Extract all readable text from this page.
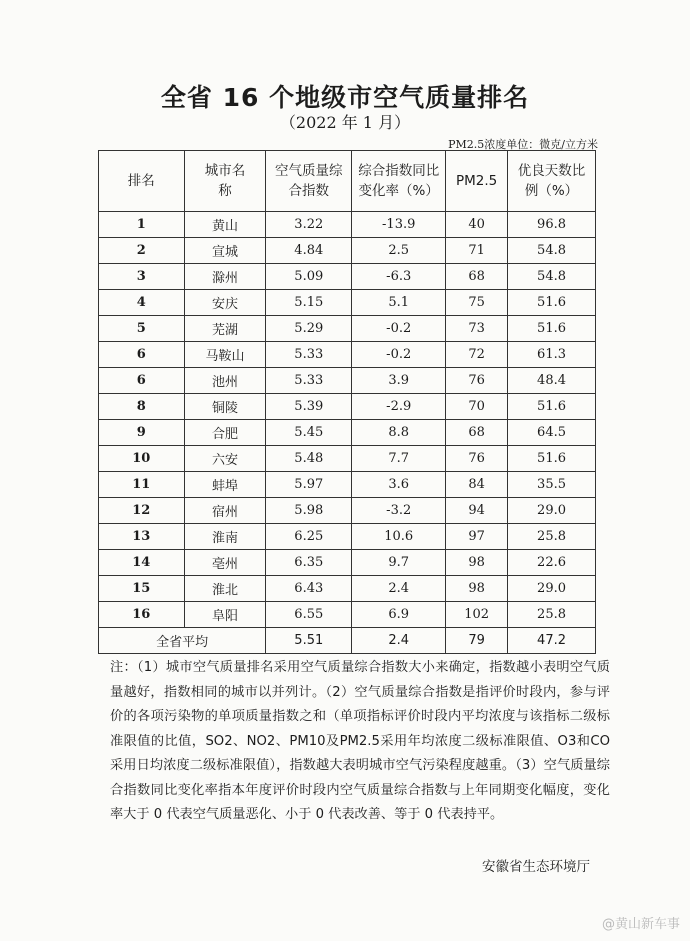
全省 16 个地级市空气质量排名
（2022 年 1 月）
PM2.5浓度单位：微克/立方米
排名	城市名称	空气质量综合指数	综合指数同比变化率（%）	PM2.5	优良天数比例（%）

1	黄山	3.22	-13.9	40	96.8
2	宣城	4.84	2.5	71	54.8
3	滁州	5.09	-6.3	68	54.8
4	安庆	5.15	5.1	75	51.6
5	芜湖	5.29	-0.2	73	51.6
6	马鞍山	5.33	-0.2	72	61.3
6	池州	5.33	3.9	76	48.4
8	铜陵	5.39	-2.9	70	51.6
9	合肥	5.45	8.8	68	64.5
10	六安	5.48	7.7	76	51.6
11	蚌埠	5.97	3.6	84	35.5
12	宿州	5.98	-3.2	94	29.0
13	淮南	6.25	10.6	97	25.8
14	亳州	6.35	9.7	98	22.6
15	淮北	6.43	2.4	98	29.0
16	阜阳	6.55	6.9	102	25.8
全省平均		5.51	2.4	79	47.2
注：（1）城市空气质量排名采用空气质量综合指数大小来确定，指数越小表明空气质量越好，指数相同的城市以并列计。（2）空气质量综合指数是指评价时段内，参与评价的各项污染物的单项质量指数之和（单项指标评价时段内平均浓度与该指标二级标准限值的比值，SO2、NO2、PM10及PM2.5采用年均浓度二级标准限值、O3和CO采用日均浓度二级标准限值），指数越大表明城市空气污染程度越重。（3）空气质量综合指数同比变化率指本年度评价时段内空气质量综合指数与上年同期变化幅度，变化率大于 0 代表空气质量恶化、小于 0 代表改善、等于 0 代表持平。
安徽省生态环境厅
@黄山新车事
